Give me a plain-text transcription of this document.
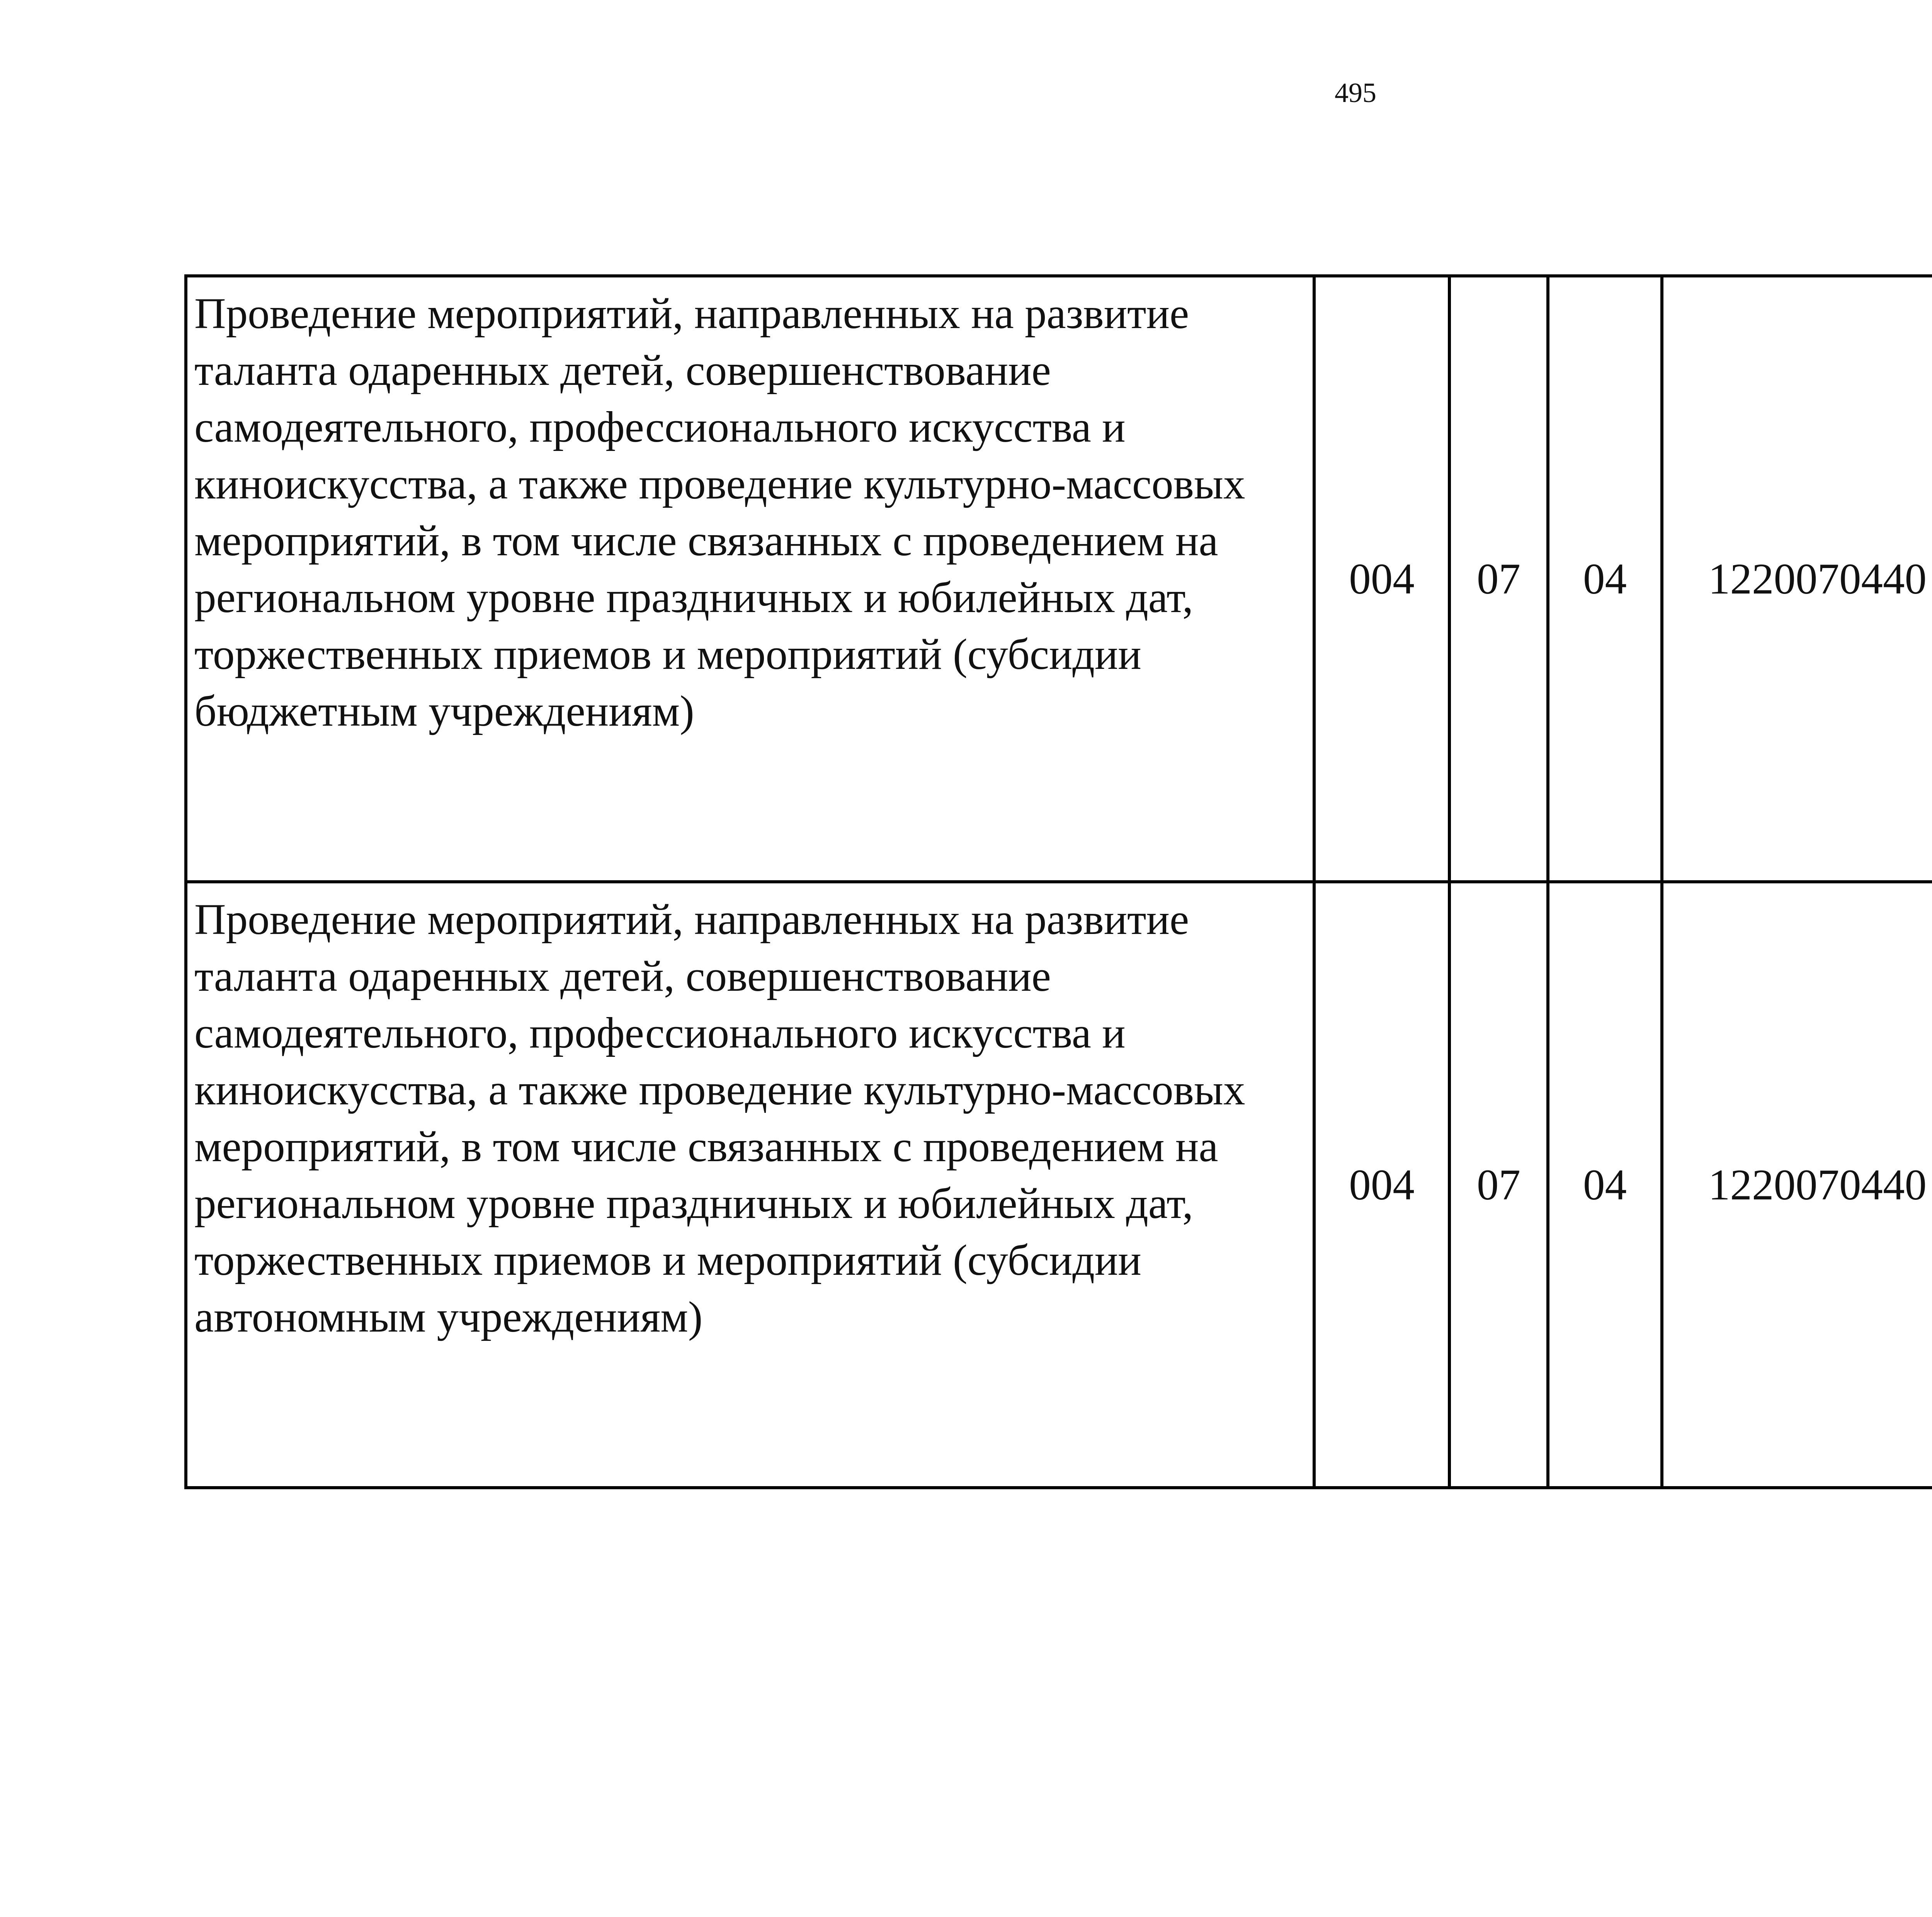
495
Проведение мероприятий, направленных на развитие таланта одаренных детей, совершенствование самодеятельного, профессионального искусства и киноискусства, а также проведение культурно-массовых мероприятий, в том числе связанных с проведением на региональном уровне праздничных и юбилейных дат, торжественных приемов и мероприятий (субсидии бюджетным учреждениям)	004	07	04	1220070440		
Проведение мероприятий, направленных на развитие таланта одаренных детей, совершенствование самодеятельного, профессионального искусства и киноискусства, а также проведение культурно-массовых мероприятий, в том числе связанных с проведением на региональном уровне праздничных и юбилейных дат, торжественных приемов и мероприятий (субсидии автономным учреждениям)	004	07	04	1220070440		
